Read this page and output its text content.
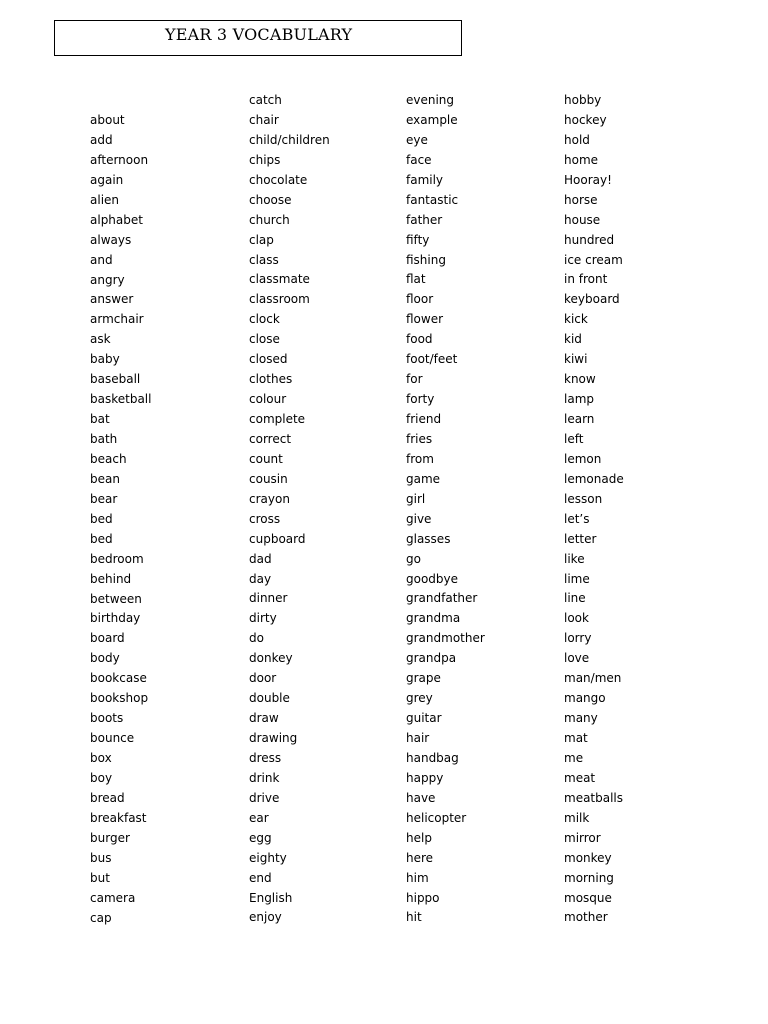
YEAR 3 VOCABULARY
about
add
afternoon
again
alien
alphabet
always
and
angry
answer
armchair
ask
baby
baseball
basketball
bat
bath
beach
bean
bear
bed
bed
bedroom
behind
between
birthday
board
body
bookcase
bookshop
boots
bounce
box
boy
bread
breakfast
burger
bus
but
camera
cap
catch
chair
child/children
chips
chocolate
choose
church
clap
class
classmate
classroom
clock
close
closed
clothes
colour
complete
correct
count
cousin
crayon
cross
cupboard
dad
day
dinner
dirty
do
donkey
door
double
draw
drawing
dress
drink
drive
ear
egg
eighty
end
English
enjoy
evening
example
eye
face
family
fantastic
father
fifty
fishing
flat
floor
flower
food
foot/feet
for
forty
friend
fries
from
game
girl
give
glasses
go
goodbye
grandfather
grandma
grandmother
grandpa
grape
grey
guitar
hair
handbag
happy
have
helicopter
help
here
him
hippo
hit
hobby
hockey
hold
home
Hooray!
horse
house
hundred
ice cream
in front
keyboard
kick
kid
kiwi
know
lamp
learn
left
lemon
lemonade
lesson
let’s
letter
like
lime
line
look
lorry
love
man/men
mango
many
mat
me
meat
meatballs
milk
mirror
monkey
morning
mosque
mother
